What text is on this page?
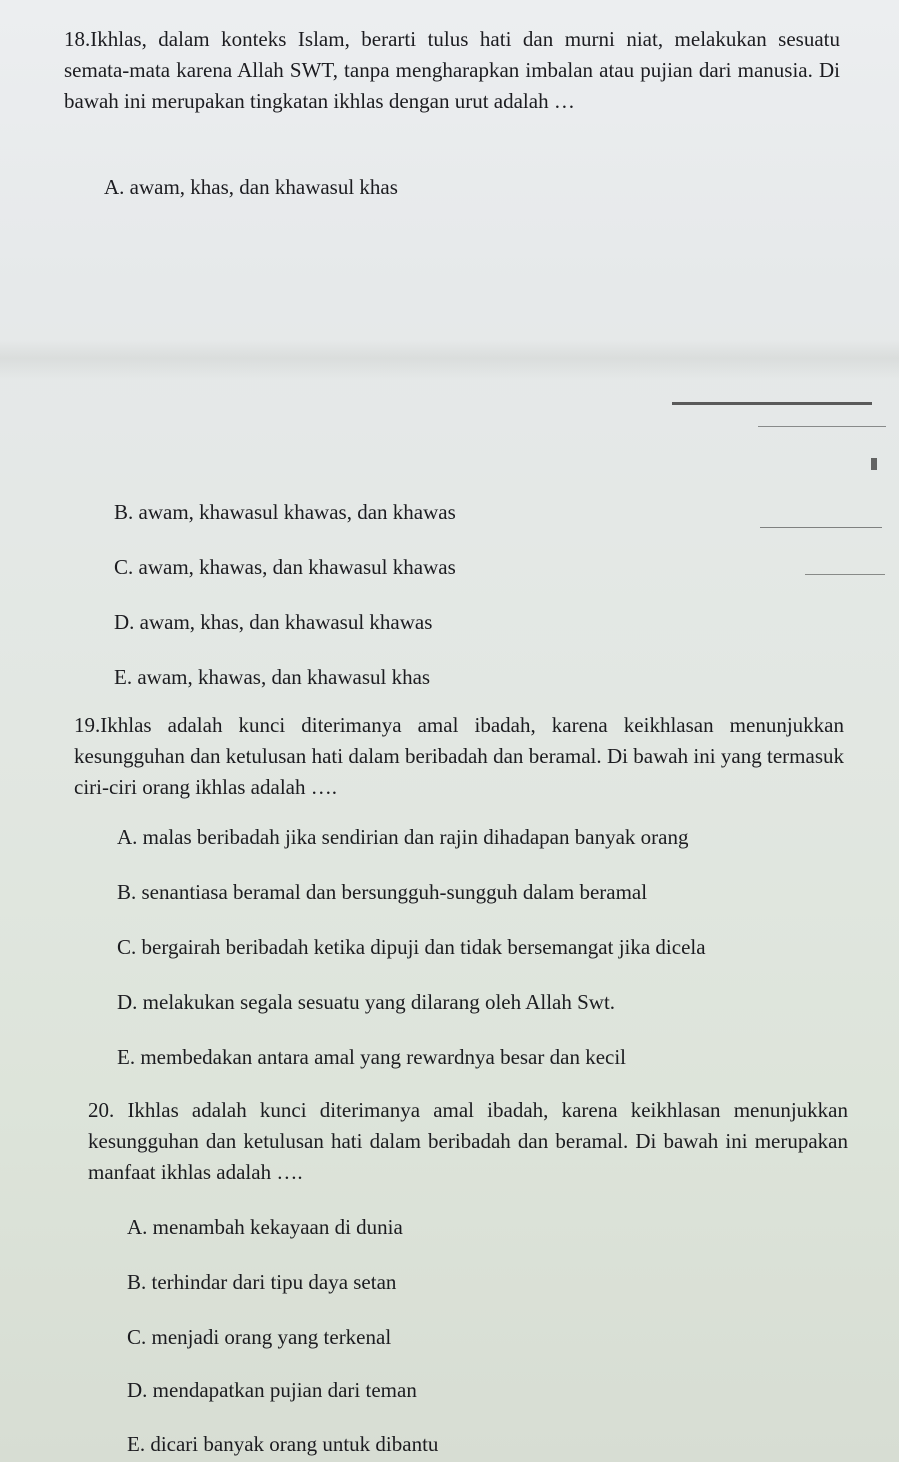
18.Ikhlas, dalam konteks Islam, berarti tulus hati dan murni niat, melakukan sesuatu semata-mata karena Allah SWT, tanpa mengharapkan imbalan atau pujian dari manusia. Di bawah ini merupakan tingkatan ikhlas dengan urut adalah …
A. awam, khas, dan khawasul khas
B. awam, khawasul khawas, dan khawas
C. awam, khawas, dan khawasul khawas
D. awam, khas, dan khawasul khawas
E. awam, khawas, dan khawasul khas
19.Ikhlas adalah kunci diterimanya amal ibadah, karena keikhlasan menunjukkan kesungguhan dan ketulusan hati dalam beribadah dan beramal. Di bawah ini yang termasuk ciri-ciri orang ikhlas adalah ….
A. malas beribadah jika sendirian dan rajin dihadapan banyak orang
B. senantiasa beramal dan bersungguh-sungguh dalam beramal
C. bergairah beribadah ketika dipuji dan tidak bersemangat jika dicela
D. melakukan segala sesuatu yang dilarang oleh Allah Swt.
E. membedakan antara amal yang rewardnya besar dan kecil
20. Ikhlas adalah kunci diterimanya amal ibadah, karena keikhlasan menunjukkan kesungguhan dan ketulusan hati dalam beribadah dan beramal. Di bawah ini merupakan manfaat ikhlas adalah ….
A. menambah kekayaan di dunia
B. terhindar dari tipu daya setan
C. menjadi orang yang terkenal
D. mendapatkan pujian dari teman
E. dicari banyak orang untuk dibantu
